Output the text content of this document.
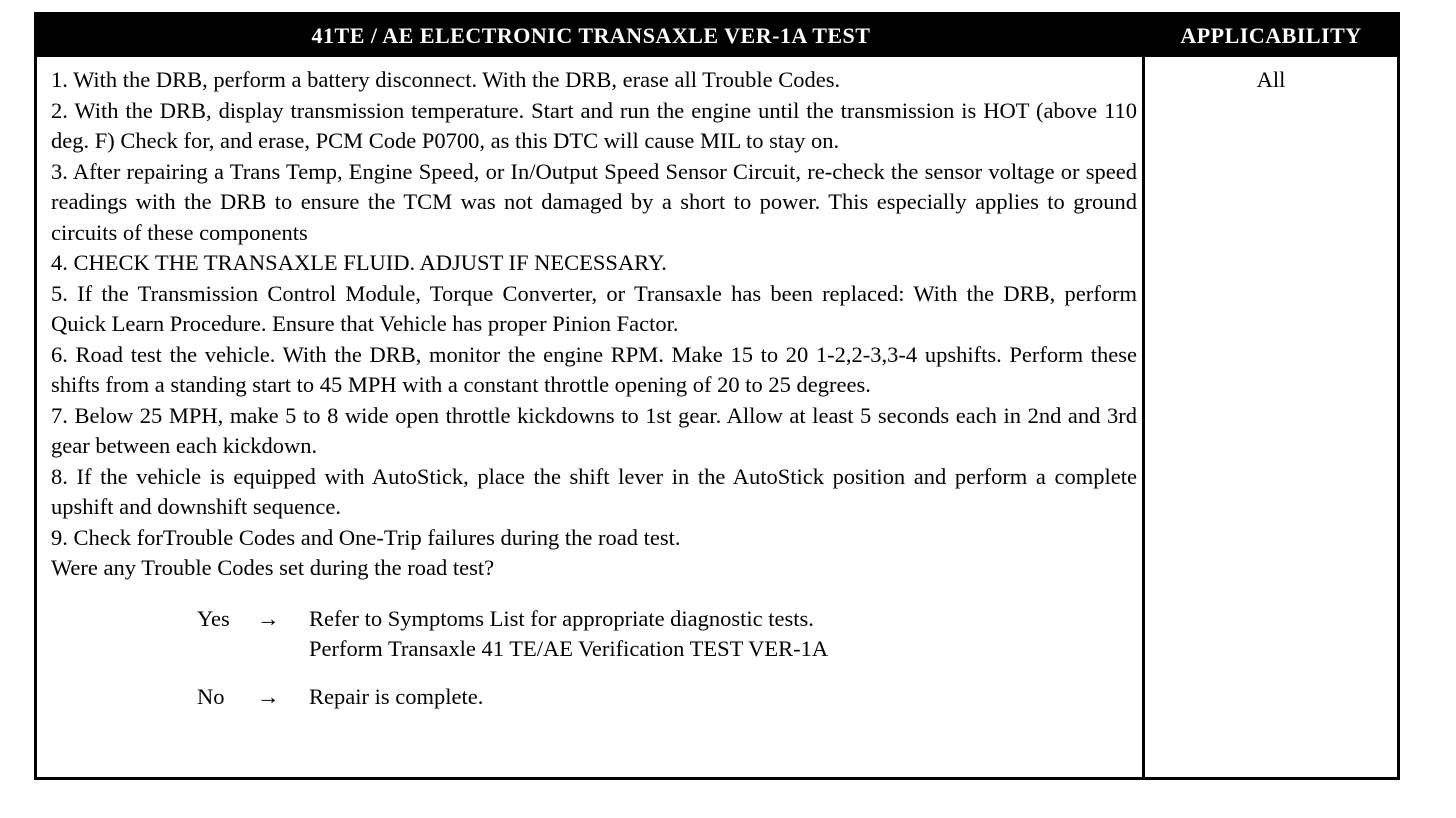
41TE / AE ELECTRONIC TRANSAXLE VER-1A TEST	APPLICABILITY

1. With the DRB, perform a battery disconnect. With the DRB, erase all Trouble Codes.

2. With the DRB, display transmission temperature. Start and run the engine until the transmission is HOT (above 110 deg. F) Check for, and erase, PCM Code P0700, as this DTC will cause MIL to stay on.

3. After repairing a Trans Temp, Engine Speed, or In/Output Speed Sensor Circuit, re-check the sensor voltage or speed readings with the DRB to ensure the TCM was not damaged by a short to power. This especially applies to ground circuits of these components

4. CHECK THE TRANSAXLE FLUID. ADJUST IF NECESSARY.

5. If the Transmission Control Module, Torque Converter, or Transaxle has been replaced: With the DRB, perform Quick Learn Procedure. Ensure that Vehicle has proper Pinion Factor.

6. Road test the vehicle. With the DRB, monitor the engine RPM. Make 15 to 20 1-2,2-3,3-4 upshifts. Perform these shifts from a standing start to 45 MPH with a constant throttle opening of 20 to 25 degrees.

7. Below 25 MPH, make 5 to 8 wide open throttle kickdowns to 1st gear. Allow at least 5 seconds each in 2nd and 3rd gear between each kickdown.

8. If the vehicle is equipped with AutoStick, place the shift lever in the AutoStick position and perform a complete upshift and downshift sequence.

9. Check forTrouble Codes and One-Trip failures during the road test.

Were any Trouble Codes set during the road test?

Yes	→	Refer to Symptoms List for appropriate diagnostic tests.
Perform Transaxle 41 TE/AE Verification TEST VER-1A
No	→	Repair is complete.
All
